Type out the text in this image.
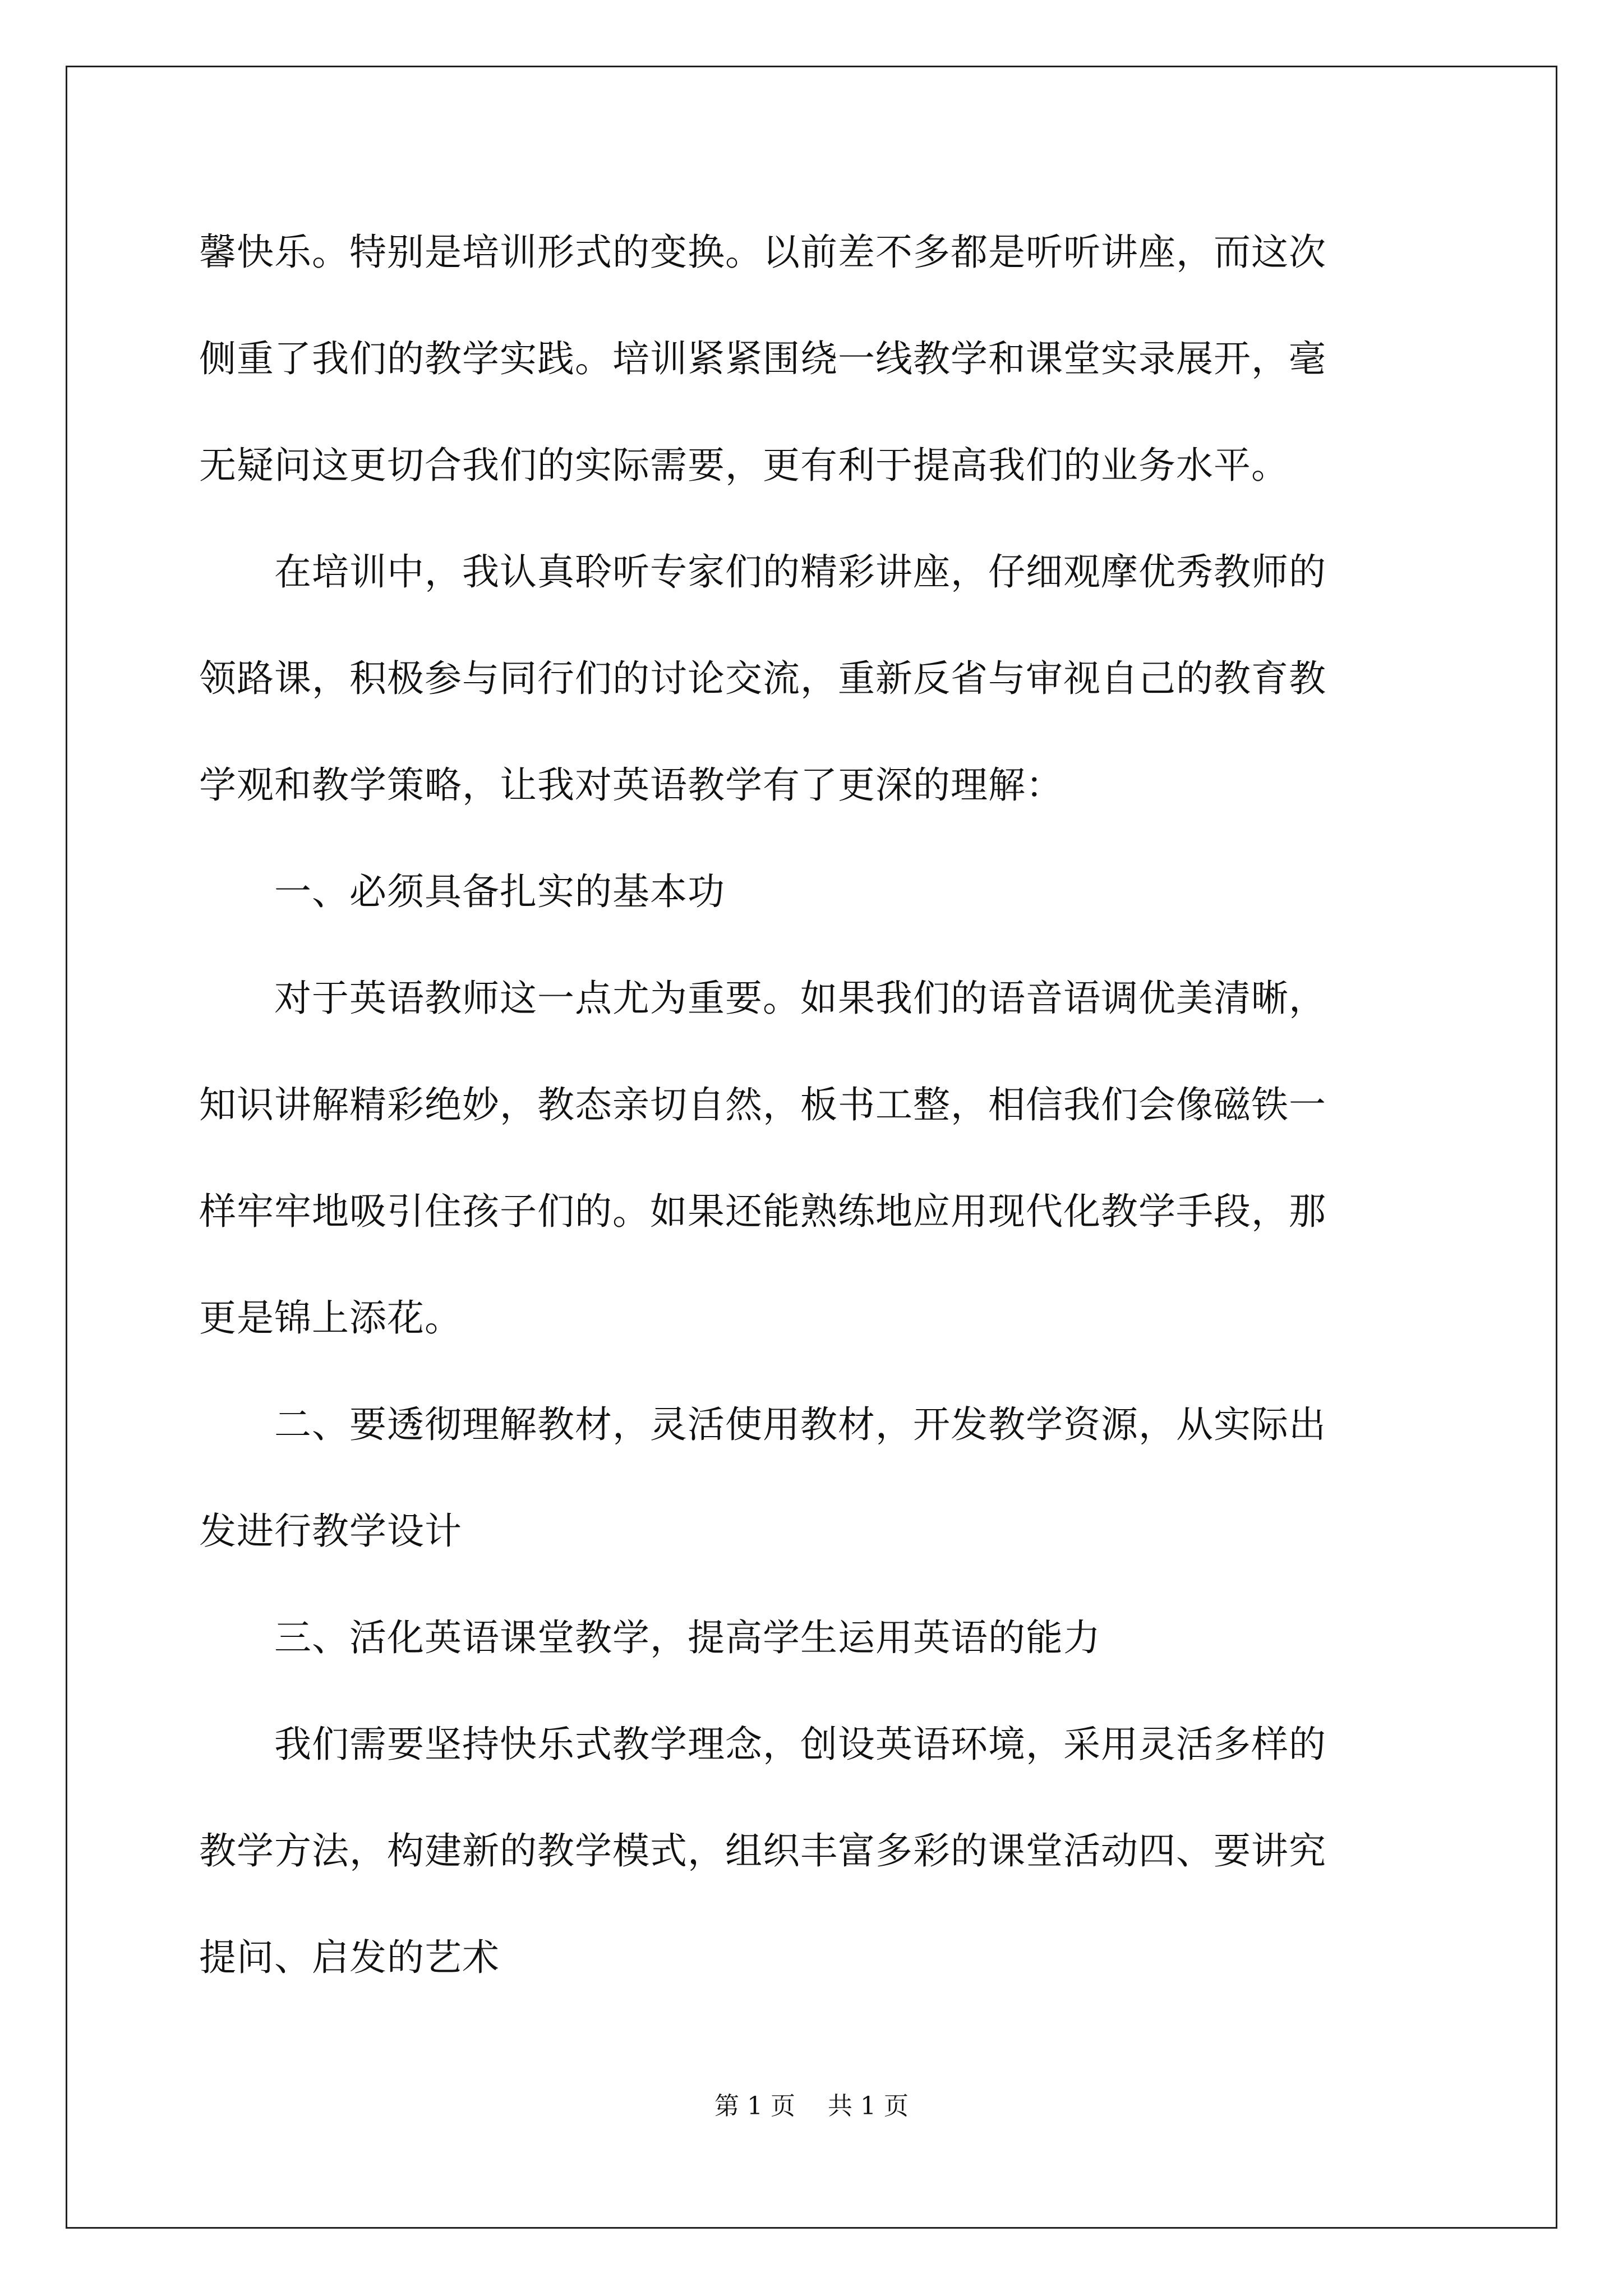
馨快乐。特别是培训形式的变换。以前差不多都是听听讲座，而这次
侧重了我们的教学实践。培训紧紧围绕一线教学和课堂实录展开，毫
无疑问这更切合我们的实际需要，更有利于提高我们的业务水平。
　　在培训中，我认真聆听专家们的精彩讲座，仔细观摩优秀教师的
领路课，积极参与同行们的讨论交流，重新反省与审视自己的教育教
学观和教学策略，让我对英语教学有了更深的理解：
　　一、必须具备扎实的基本功
　　对于英语教师这一点尤为重要。如果我们的语音语调优美清晰，
知识讲解精彩绝妙，教态亲切自然，板书工整，相信我们会像磁铁一
样牢牢地吸引住孩子们的。如果还能熟练地应用现代化教学手段，那
更是锦上添花。
　　二、要透彻理解教材，灵活使用教材，开发教学资源，从实际出
发进行教学设计
　　三、活化英语课堂教学，提高学生运用英语的能力
　　我们需要坚持快乐式教学理念，创设英语环境，采用灵活多样的
教学方法，构建新的教学模式，组织丰富多彩的课堂活动四、要讲究
提问、启发的艺术
第 1 页　 共 1 页
